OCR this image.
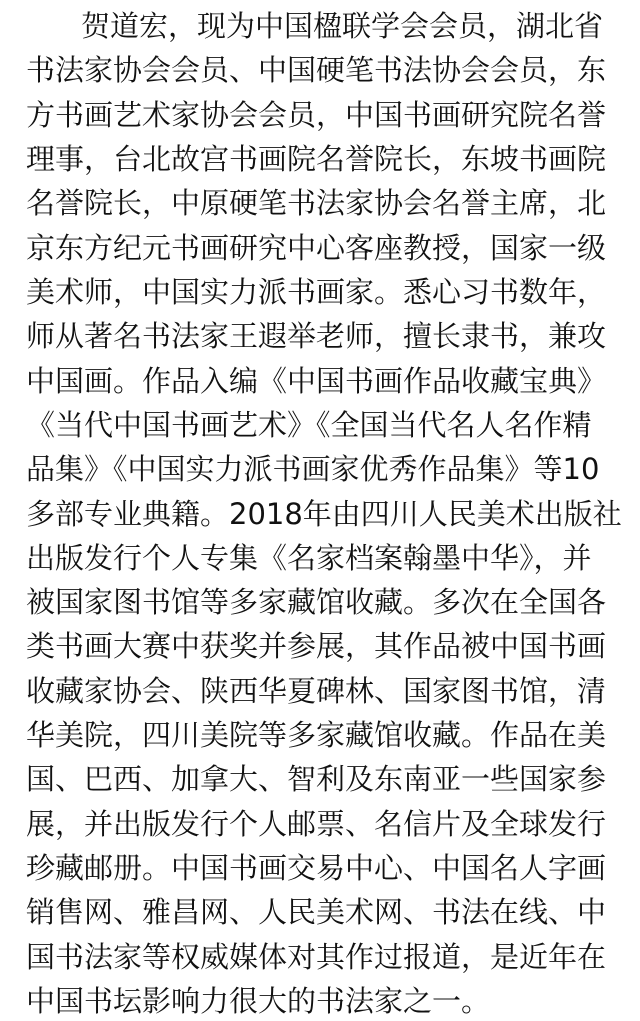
贺道宏，现为中国楹联学会会员，湖北省
书法家协会会员、中国硬笔书法协会会员，东
方书画艺术家协会会员，中国书画研究院名誉
理事，台北故宫书画院名誉院长，东坡书画院
名誉院长，中原硬笔书法家协会名誉主席，北
京东方纪元书画研究中心客座教授，国家一级
美术师，中国实力派书画家。悉心习书数年，
师从著名书法家王遐举老师，擅长隶书，兼攻
中国画。作品入编《中国书画作品收藏宝典》
《当代中国书画艺术》《全国当代名人名作精
品集》《中国实力派书画家优秀作品集》等10
多部专业典籍。2018年由四川人民美术出版社
出版发行个人专集《名家档案翰墨中华》，并
被国家图书馆等多家藏馆收藏。多次在全国各
类书画大赛中获奖并参展，其作品被中国书画
收藏家协会、陕西华夏碑林、国家图书馆，清
华美院，四川美院等多家藏馆收藏。作品在美
国、巴西、加拿大、智利及东南亚一些国家参
展，并出版发行个人邮票、名信片及全球发行
珍藏邮册。中国书画交易中心、中国名人字画
销售网、雅昌网、人民美术网、书法在线、中
国书法家等权威媒体对其作过报道，是近年在
中国书坛影响力很大的书法家之一。
